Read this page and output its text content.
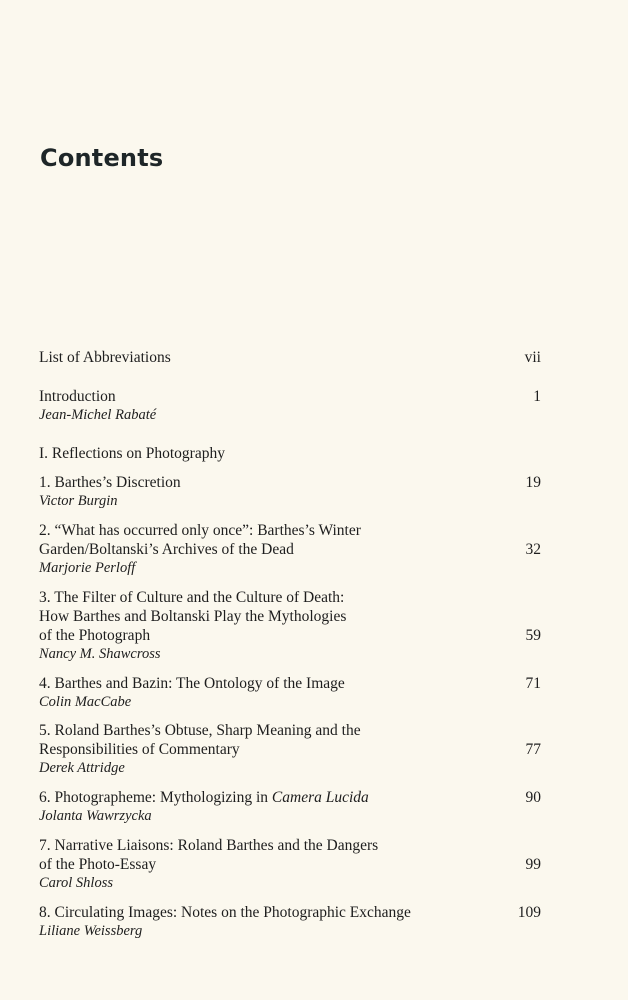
Contents
List of Abbreviations	vii
Introduction	1
Jean-Michel Rabaté
I. Reflections on Photography
1. Barthes’s Discretion	19
Victor Burgin
2. “What has occurred only once”: Barthes’s Winter
Garden/Boltanski’s Archives of the Dead	32
Marjorie Perloff
3. The Filter of Culture and the Culture of Death:
How Barthes and Boltanski Play the Mythologies
of the Photograph	59
Nancy M. Shawcross
4. Barthes and Bazin: The Ontology of the Image	71
Colin MacCabe
5. Roland Barthes’s Obtuse, Sharp Meaning and the
Responsibilities of Commentary	77
Derek Attridge
6. Photographeme: Mythologizing in Camera Lucida	90
Jolanta Wawrzycka
7. Narrative Liaisons: Roland Barthes and the Dangers
of the Photo-Essay	99
Carol Shloss
8. Circulating Images: Notes on the Photographic Exchange	109
Liliane Weissberg
